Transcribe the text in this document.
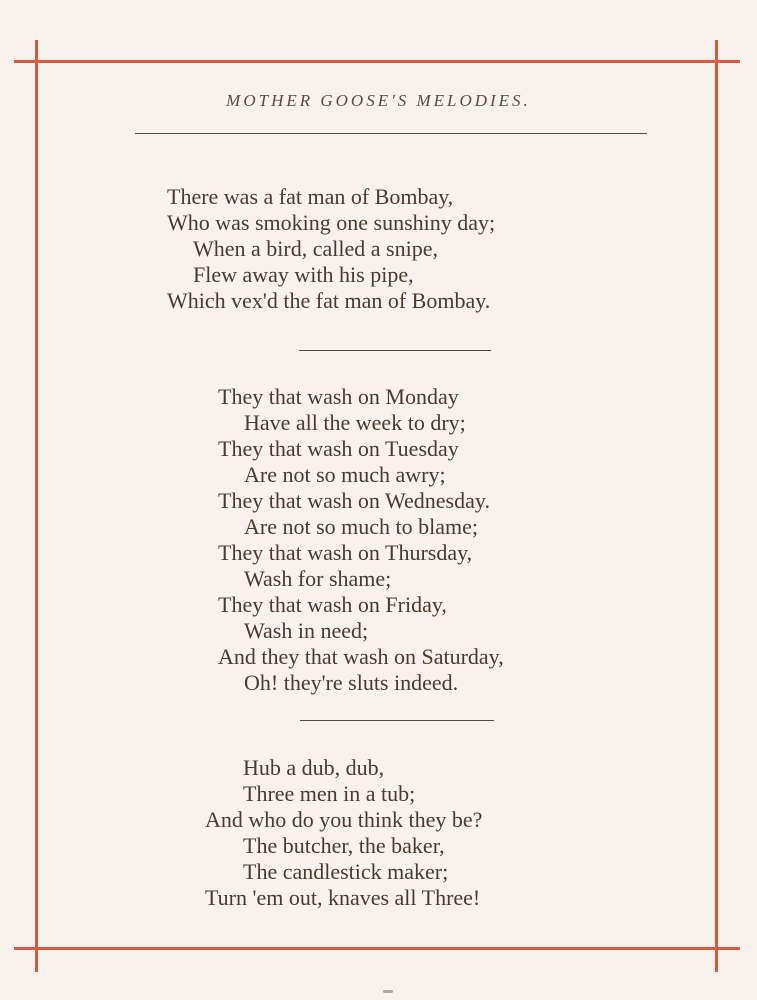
MOTHER GOOSE'S MELODIES.
There was a fat man of Bombay,
Who was smoking one sunshiny day;
When a bird, called a snipe,
Flew away with his pipe,
Which vex'd the fat man of Bombay.
They that wash on Monday
Have all the week to dry;
They that wash on Tuesday
Are not so much awry;
They that wash on Wednesday.
Are not so much to blame;
They that wash on Thursday,
Wash for shame;
They that wash on Friday,
Wash in need;
And they that wash on Saturday,
Oh! they're sluts indeed.
Hub a dub, dub,
Three men in a tub;
And who do you think they be?
The butcher, the baker,
The candlestick maker;
Turn 'em out, knaves all Three!
